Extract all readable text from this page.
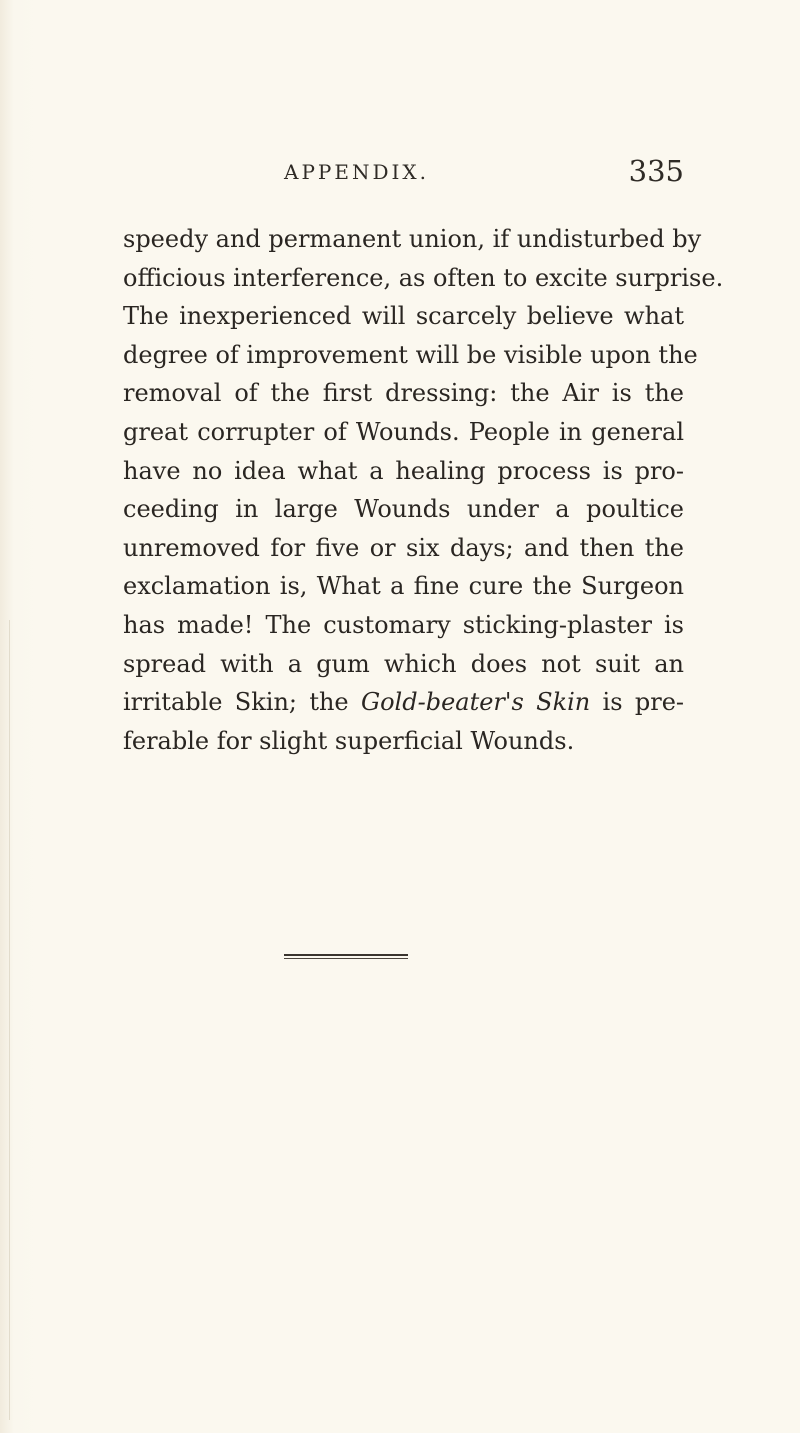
APPENDIX.	335
speedy and permanent union, if undisturbed by
officious interference, as often to excite surprise.
The inexperienced will scarcely believe what
degree of improvement will be visible upon the
removal of the first dressing: the Air is the
great corrupter of Wounds. People in general
have no idea what a healing process is pro-
ceeding in large Wounds under a poultice
unremoved for five or six days; and then the
exclamation is, What a fine cure the Surgeon
has made! The customary sticking-plaster is
spread with a gum which does not suit an
irritable Skin; the Gold-beater's Skin is pre-
ferable for slight superficial Wounds.
